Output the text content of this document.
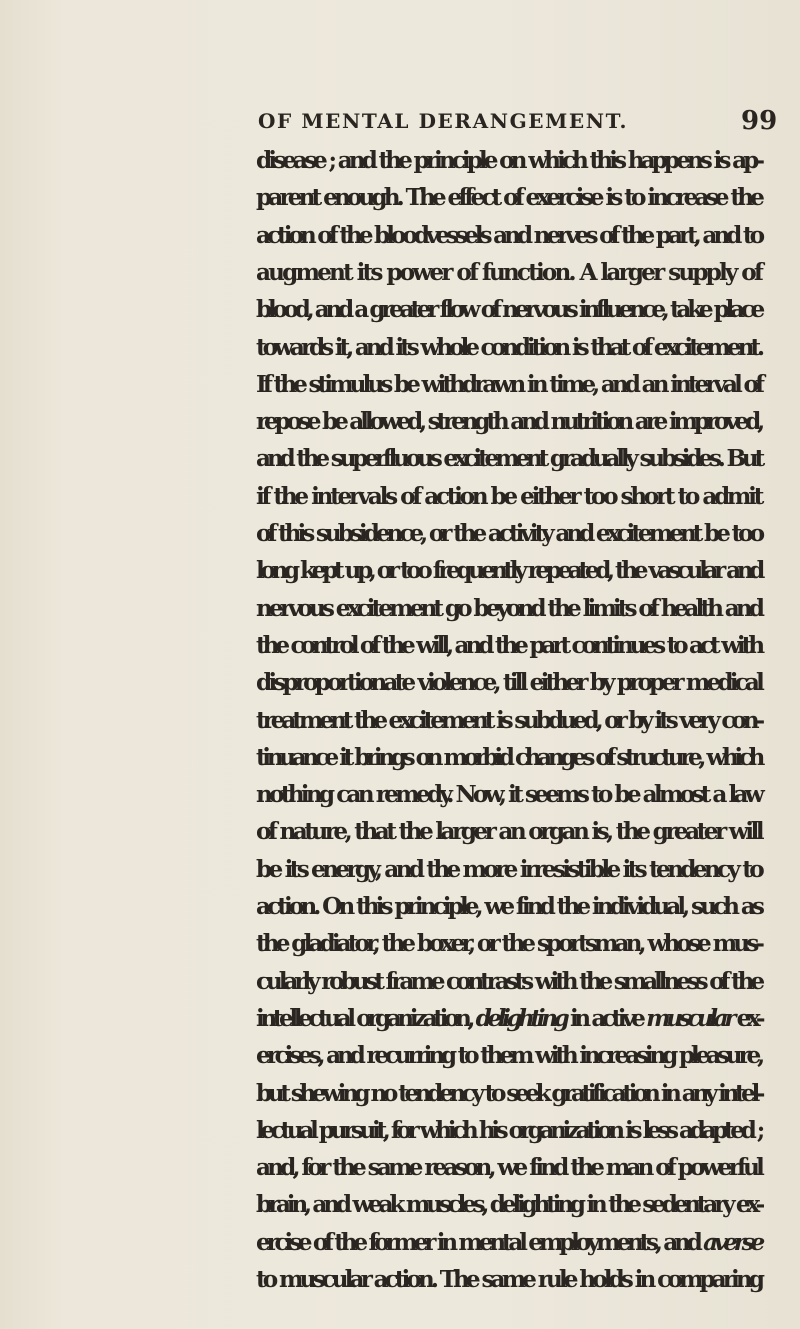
OF MENTAL DERANGEMENT.	99
disease ; and the principle on which this happens is ap-
parent enough. The effect of exercise is to increase the
action of the bloodvessels and nerves of the part, and to
augment its power of function. A larger supply of
blood, and a greater flow of nervous influence, take place
towards it, and its whole condition is that of excitement.
If the stimulus be withdrawn in time, and an interval of
repose be allowed, strength and nutrition are improved,
and the superfluous excitement gradually subsides. But
if the intervals of action be either too short to admit
of this subsidence, or the activity and excitement be too
long kept up, or too frequently repeated, the vascular and
nervous excitement go beyond the limits of health and
the control of the will, and the part continues to act with
disproportionate violence, till either by proper medical
treatment the excitement is subdued, or by its very con-
tinuance it brings on morbid changes of structure, which
nothing can remedy. Now, it seems to be almost a law
of nature, that the larger an organ is, the greater will
be its energy, and the more irresistible its tendency to
action. On this principle, we find the individual, such as
the gladiator, the boxer, or the sportsman, whose mus-
cularly robust frame contrasts with the smallness of the
intellectual organization, delighting in active muscular ex-
ercises, and recurring to them with increasing pleasure,
but shewing no tendency to seek gratification in any intel-
lectual pursuit, for which his organization is less adapted ;
and, for the same reason, we find the man of powerful
brain, and weak muscles, delighting in the sedentary ex-
ercise of the former in mental employments, and averse
to muscular action. The same rule holds in comparing
